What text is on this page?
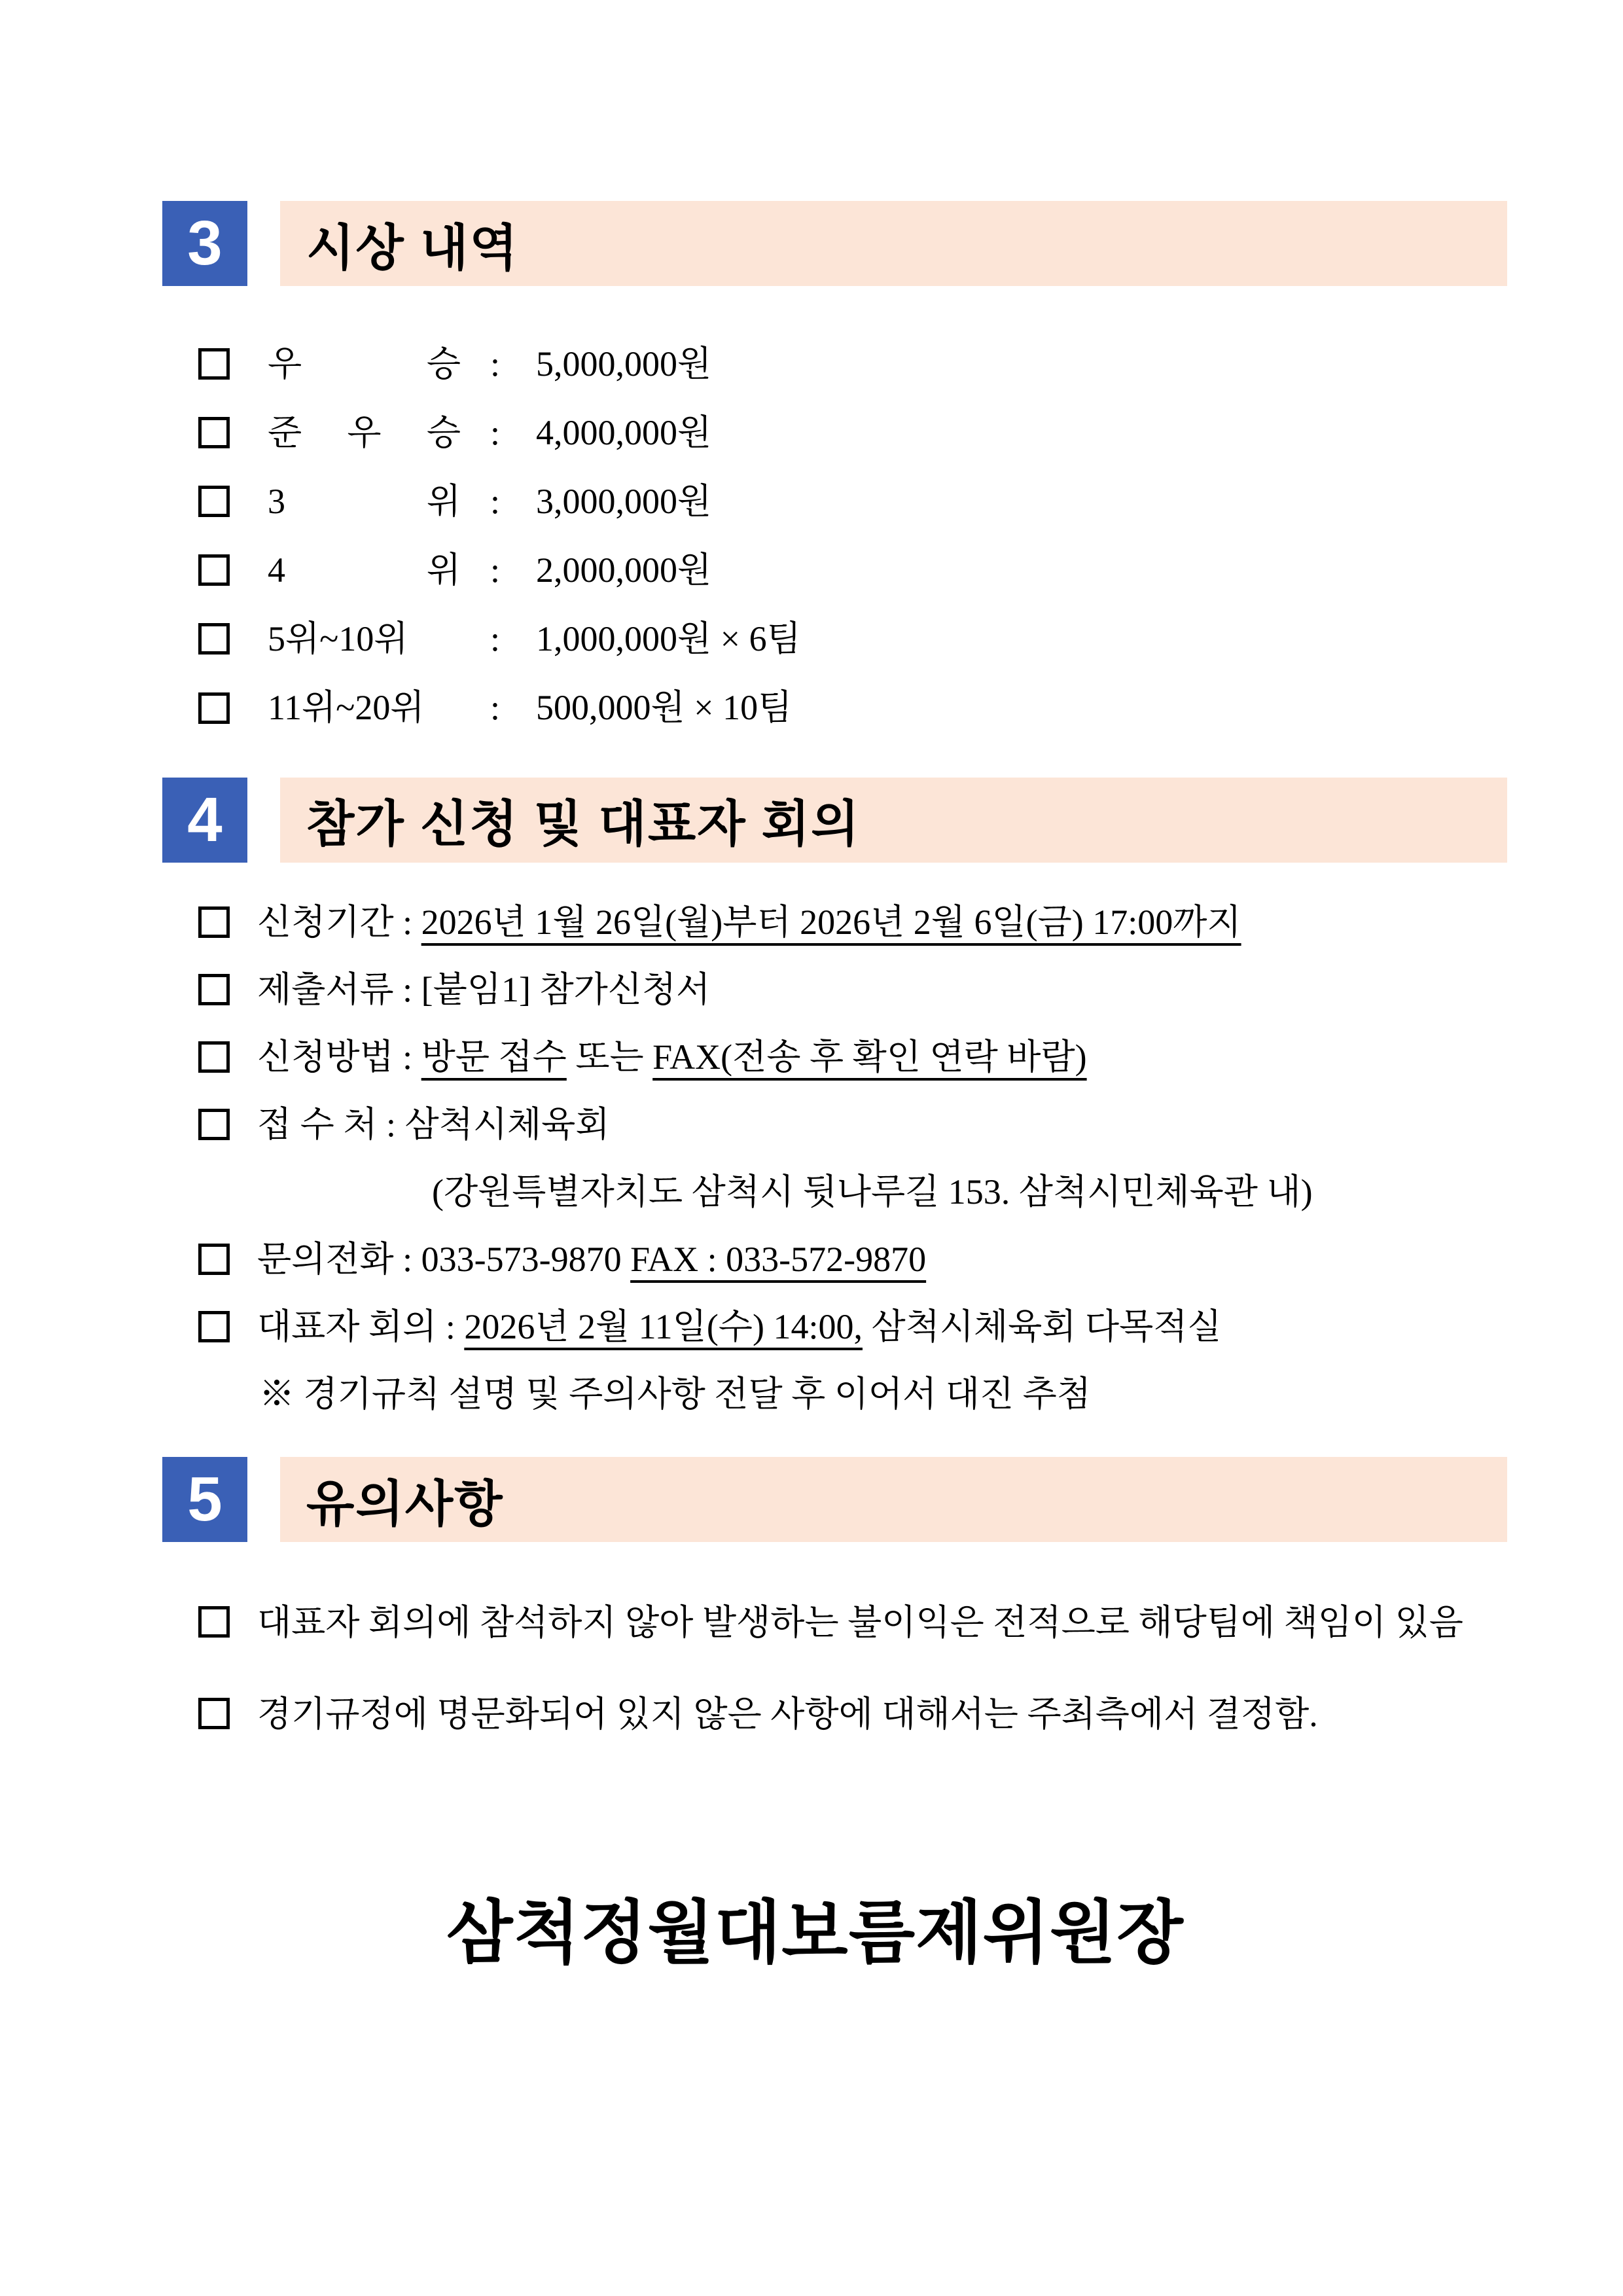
3	시상 내역
우	승 : 5,000,000원
준 우 승 : 4,000,000원
3	위 : 3,000,000원
4	위 : 2,000,000원
5위~10위 : 1,000,000원 × 6팀
11위~20위 : 500,000원 × 10팀
4	참가 신청 및 대표자 회의
신청기간 : 2026년 1월 26일(월)부터 2026년 2월 6일(금) 17:00까지
제출서류 : [붙임1] 참가신청서
신청방법 : 방문 접수 또는 FAX(전송 후 확인 연락 바람)
접 수 처 : 삼척시체육회
(강원특별자치도 삼척시 뒷나루길 153. 삼척시민체육관 내)
문의전화 : 033-573-9870 FAX : 033-572-9870
대표자 회의 : 2026년 2월 11일(수) 14:00, 삼척시체육회 다목적실
※ 경기규칙 설명 및 주의사항 전달 후 이어서 대진 추첨
5	유의사항
대표자 회의에 참석하지 않아 발생하는 불이익은 전적으로 해당팀에 책임이 있음
경기규정에 명문화되어 있지 않은 사항에 대해서는 주최측에서 결정함.
삼척정월대보름제위원장
